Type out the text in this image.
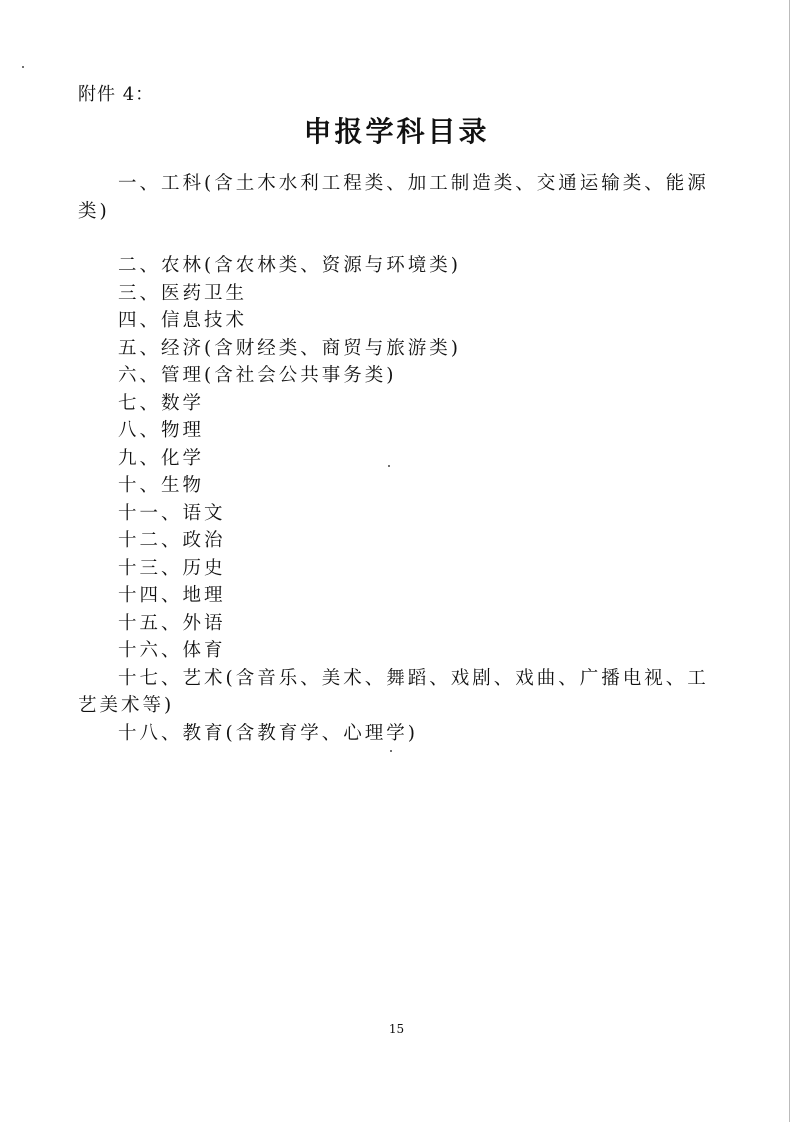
附件 4：
申报学科目录

一、工科(含土木水利工程类、加工制造类、交通运输类、能源类)

二、农林(含农林类、资源与环境类)

三、医药卫生

四、信息技术

五、经济(含财经类、商贸与旅游类)

六、管理(含社会公共事务类)

七、数学

八、物理

九、化学

十、生物

十一、语文

十二、政治

十三、历史

十四、地理

十五、外语

十六、体育

十七、艺术(含音乐、美术、舞蹈、戏剧、戏曲、广播电视、工艺美术等)

十八、教育(含教育学、心理学)

15
